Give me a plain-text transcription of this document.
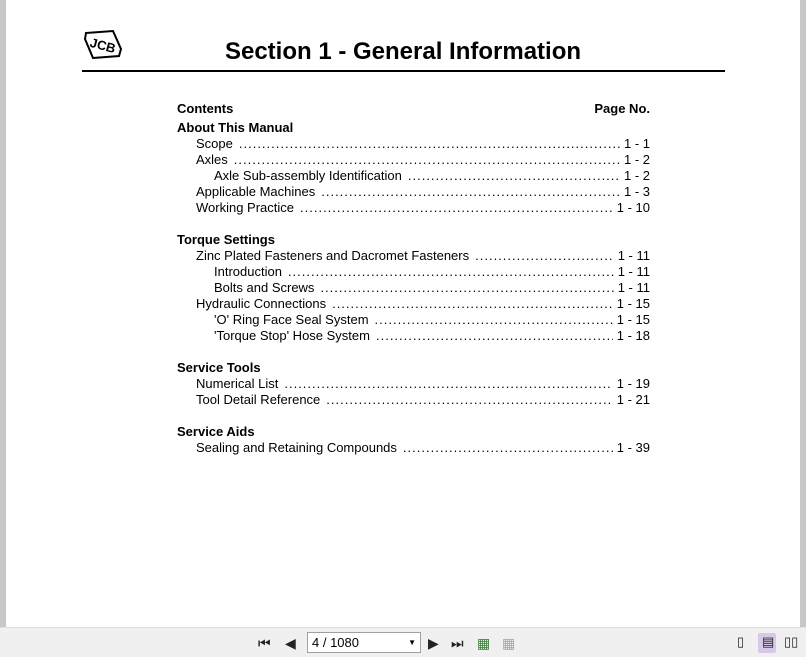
JCB	Section 1 - General Information
Contents	Page No.
About This Manual
Scope .....	1 - 1
Axles .....	1 - 2
Axle Sub-assembly Identification .....	1 - 2
Applicable Machines .....	1 - 3
Working Practice .....	1 - 10
Torque Settings
Zinc Plated Fasteners and Dacromet Fasteners .....	1 - 11
Introduction .....	1 - 11
Bolts and Screws .....	1 - 11
Hydraulic Connections .....	1 - 15
'O' Ring Face Seal System .....	1 - 15
'Torque Stop' Hose System .....	1 - 18
Service Tools
Numerical List .....	1 - 19
Tool Detail Reference .....	1 - 21
Service Aids
Sealing and Retaining Compounds .....	1 - 39
⏮ ◀	4 / 1080	▼ ▶ ⏭ ▦ ▦	▯ ▤ ▯▯
